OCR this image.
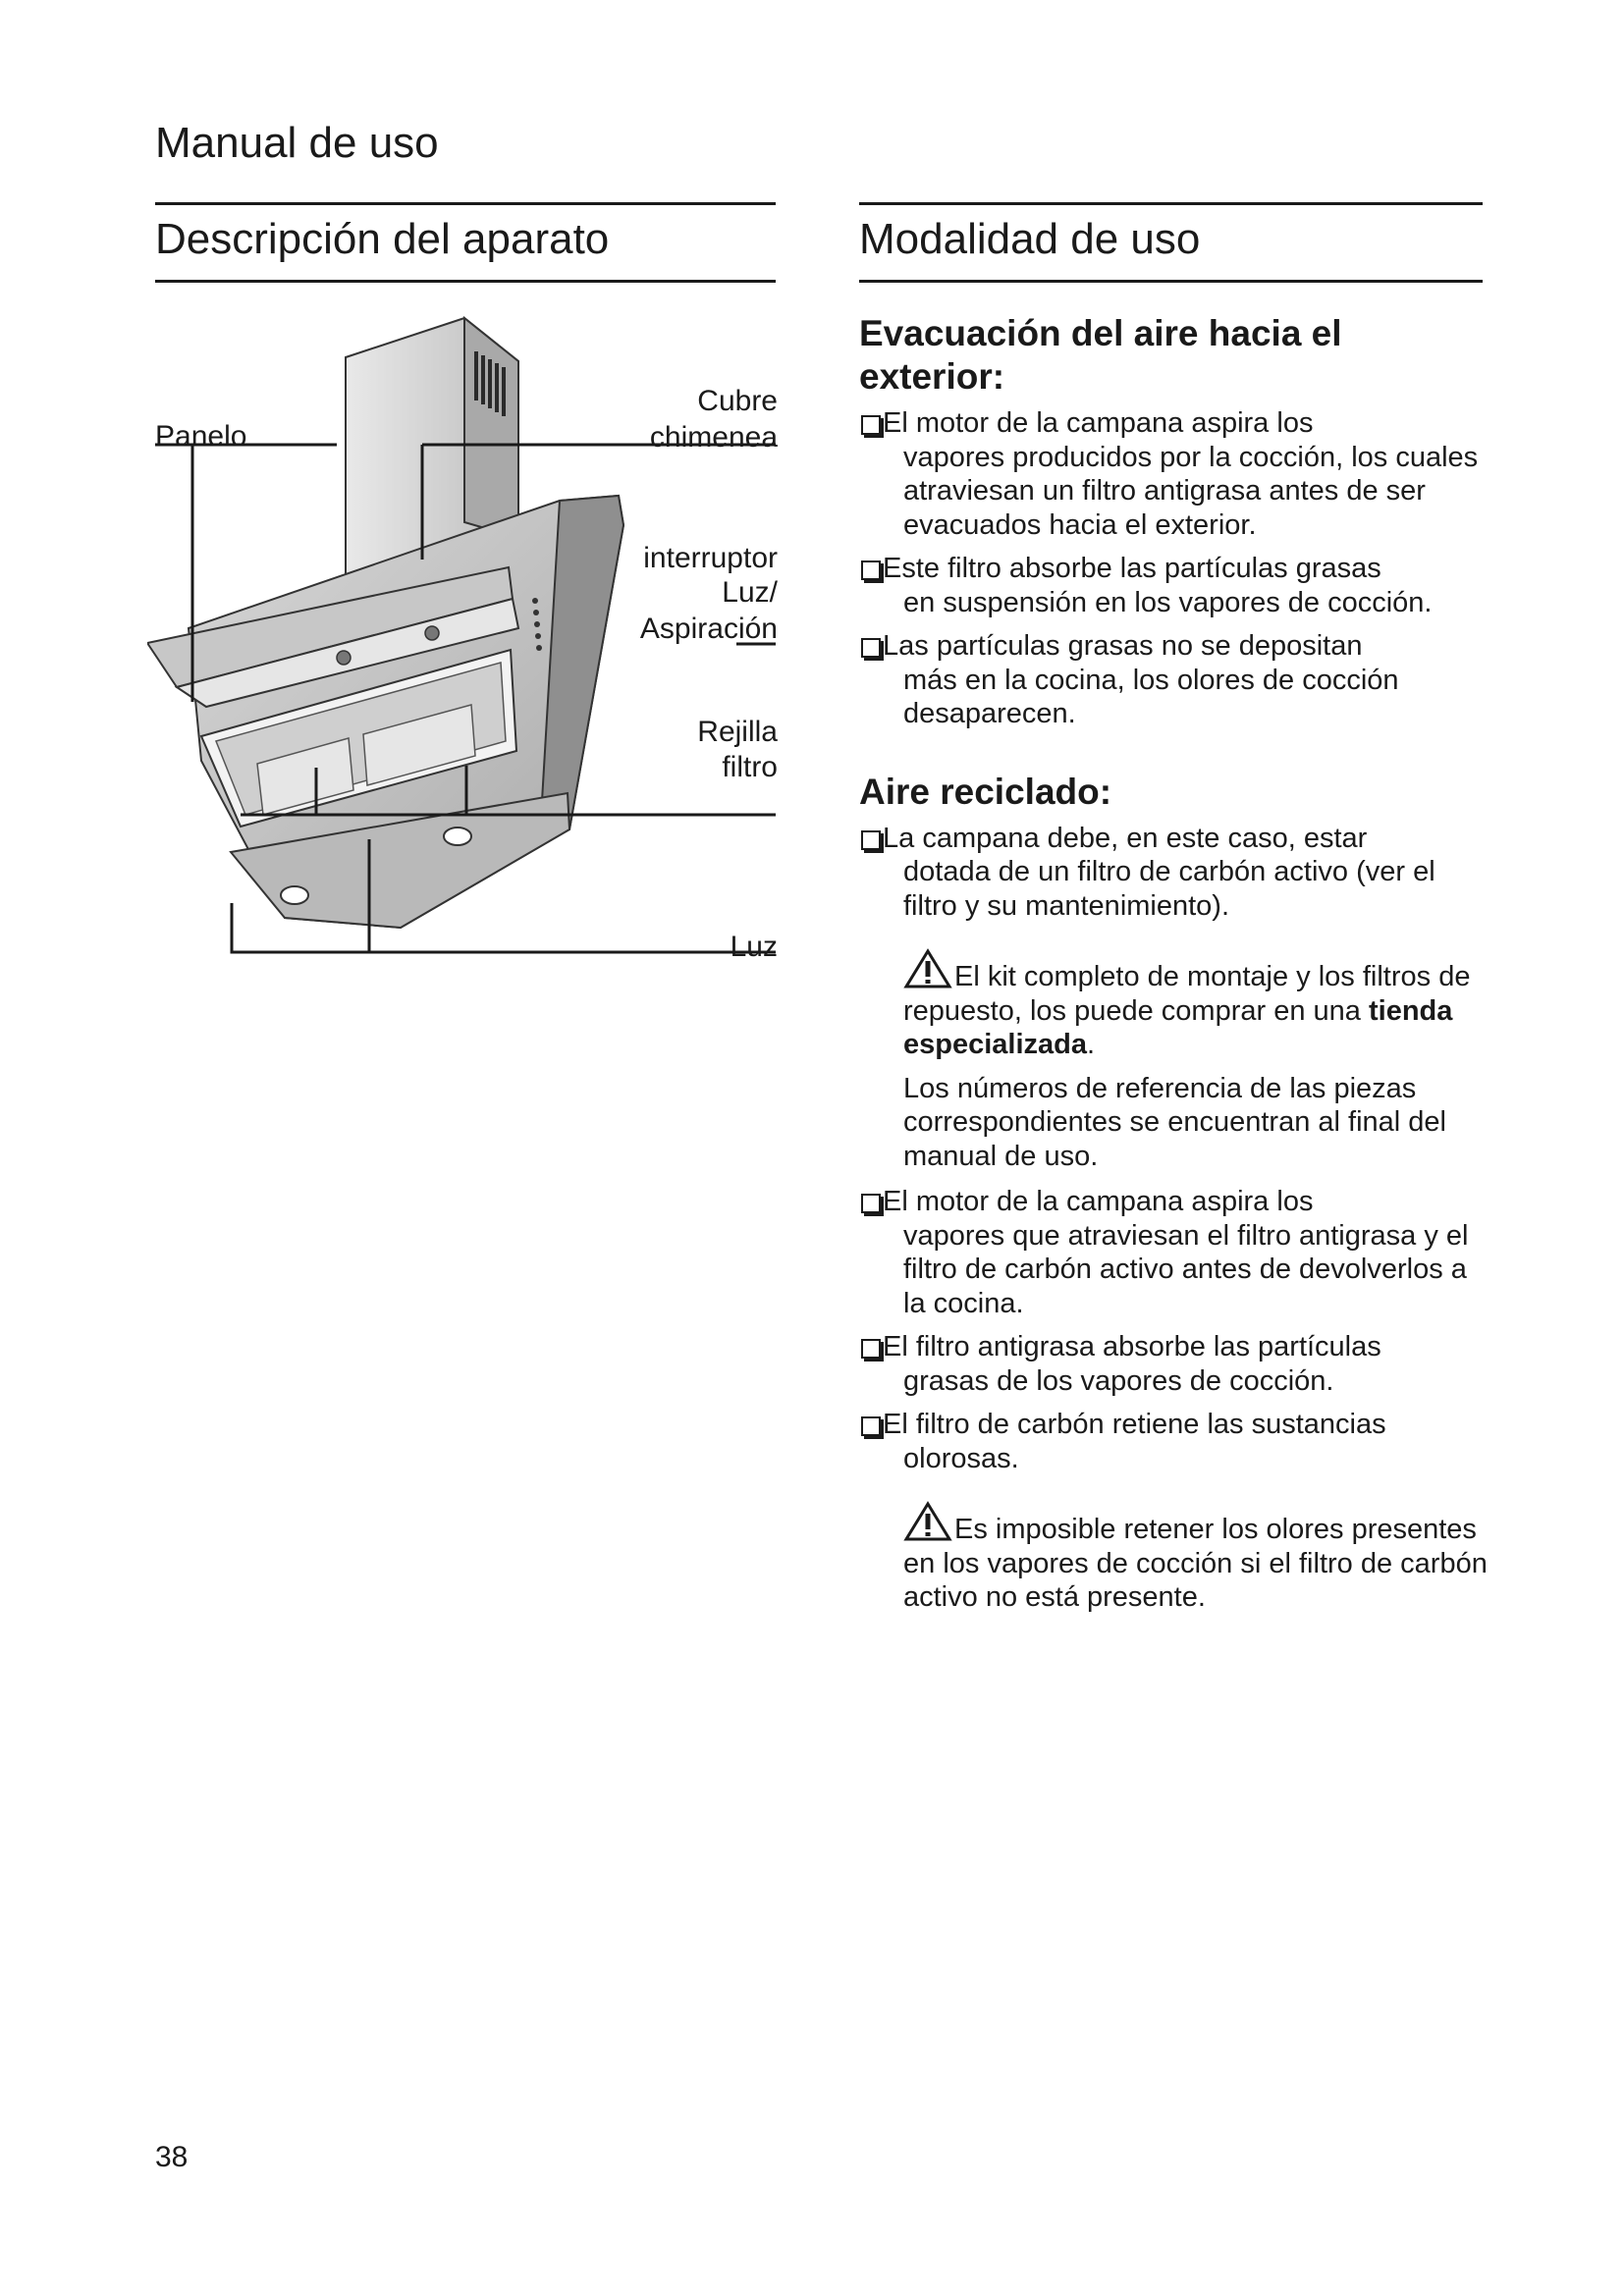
Manual de uso
Descripción del aparato	Modalidad de uso
Panelo
Cubre
chimenea
interruptor
Luz/
Aspiración
Rejilla
filtro
Luz
Evacuación del aire hacia el exterior:
El motor de la campana aspira los
vapores producidos por la cocción, los cuales atraviesan un filtro antigrasa antes de ser evacuados hacia el exterior.
Este filtro absorbe las partículas grasas
en suspensión en los vapores de cocción.
Las partículas grasas no se depositan
más en la cocina, los olores de cocción desaparecen.
Aire reciclado:
La campana debe, en este caso, estar
dotada de un filtro de carbón activo (ver el filtro y su mantenimiento).
El kit completo de montaje y los filtros de repuesto, los puede comprar en una tienda especializada.
Los números de referencia de las piezas correspondientes se encuentran al final del manual de uso.
El motor de la campana aspira los
vapores que atraviesan el filtro antigrasa y el filtro de carbón activo antes de devolverlos a la cocina.
El filtro antigrasa absorbe las partículas
grasas de los vapores de cocción.
El filtro de carbón retiene las sustancias
olorosas.
Es imposible retener los olores presentes en los vapores de cocción si el filtro de carbón activo no está presente.
38
